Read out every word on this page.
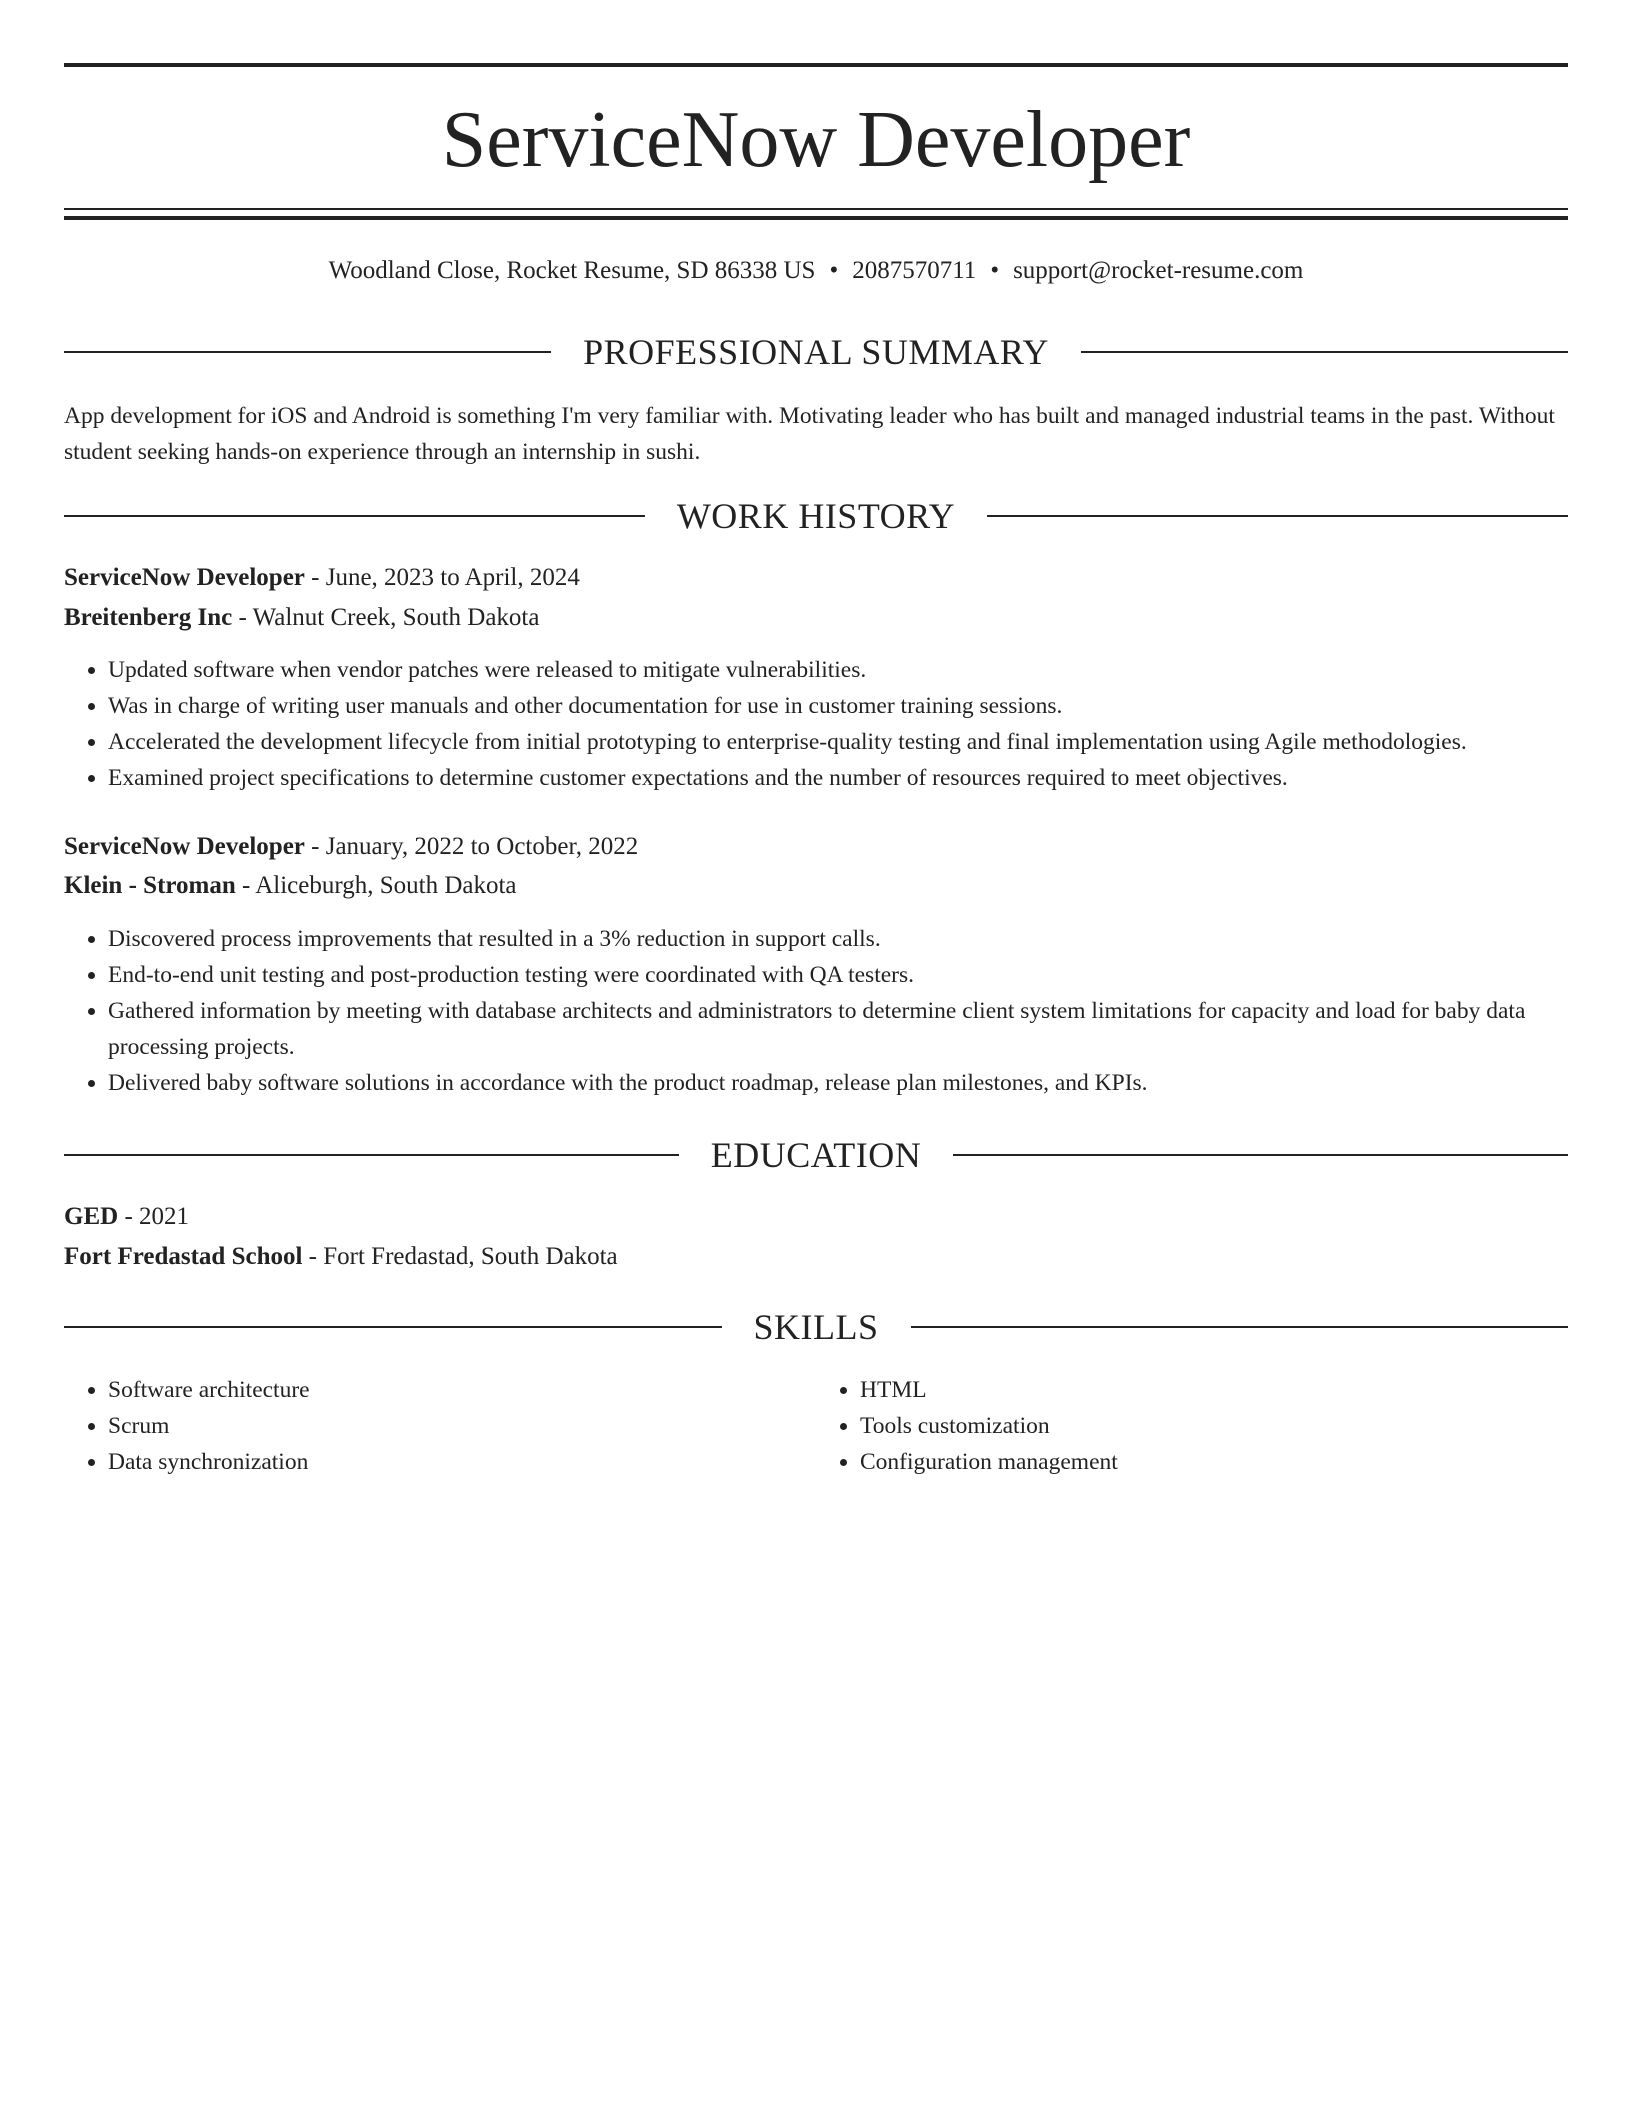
ServiceNow Developer
Woodland Close, Rocket Resume, SD 86338 US • 2087570711 • support@rocket-resume.com
PROFESSIONAL SUMMARY

App development for iOS and Android is something I'm very familiar with. Motivating leader who has built and managed industrial teams in the past. Without student seeking hands-on experience through an internship in sushi.

WORK HISTORY
ServiceNow Developer - June, 2023 to April, 2024
Breitenberg Inc - Walnut Creek, South Dakota
• Updated software when vendor patches were released to mitigate vulnerabilities.
• Was in charge of writing user manuals and other documentation for use in customer training sessions.
• Accelerated the development lifecycle from initial prototyping to enterprise-quality testing and final implementation using Agile methodologies.
• Examined project specifications to determine customer expectations and the number of resources required to meet objectives.
ServiceNow Developer - January, 2022 to October, 2022
Klein - Stroman - Aliceburgh, South Dakota
• Discovered process improvements that resulted in a 3% reduction in support calls.
• End-to-end unit testing and post-production testing were coordinated with QA testers.
• Gathered information by meeting with database architects and administrators to determine client system limitations for capacity and load for baby data processing projects.
• Delivered baby software solutions in accordance with the product roadmap, release plan milestones, and KPIs.
EDUCATION
GED - 2021
Fort Fredastad School - Fort Fredastad, South Dakota
SKILLS
• Software architecture
• Scrum
• Data synchronization
• HTML
• Tools customization
• Configuration management
